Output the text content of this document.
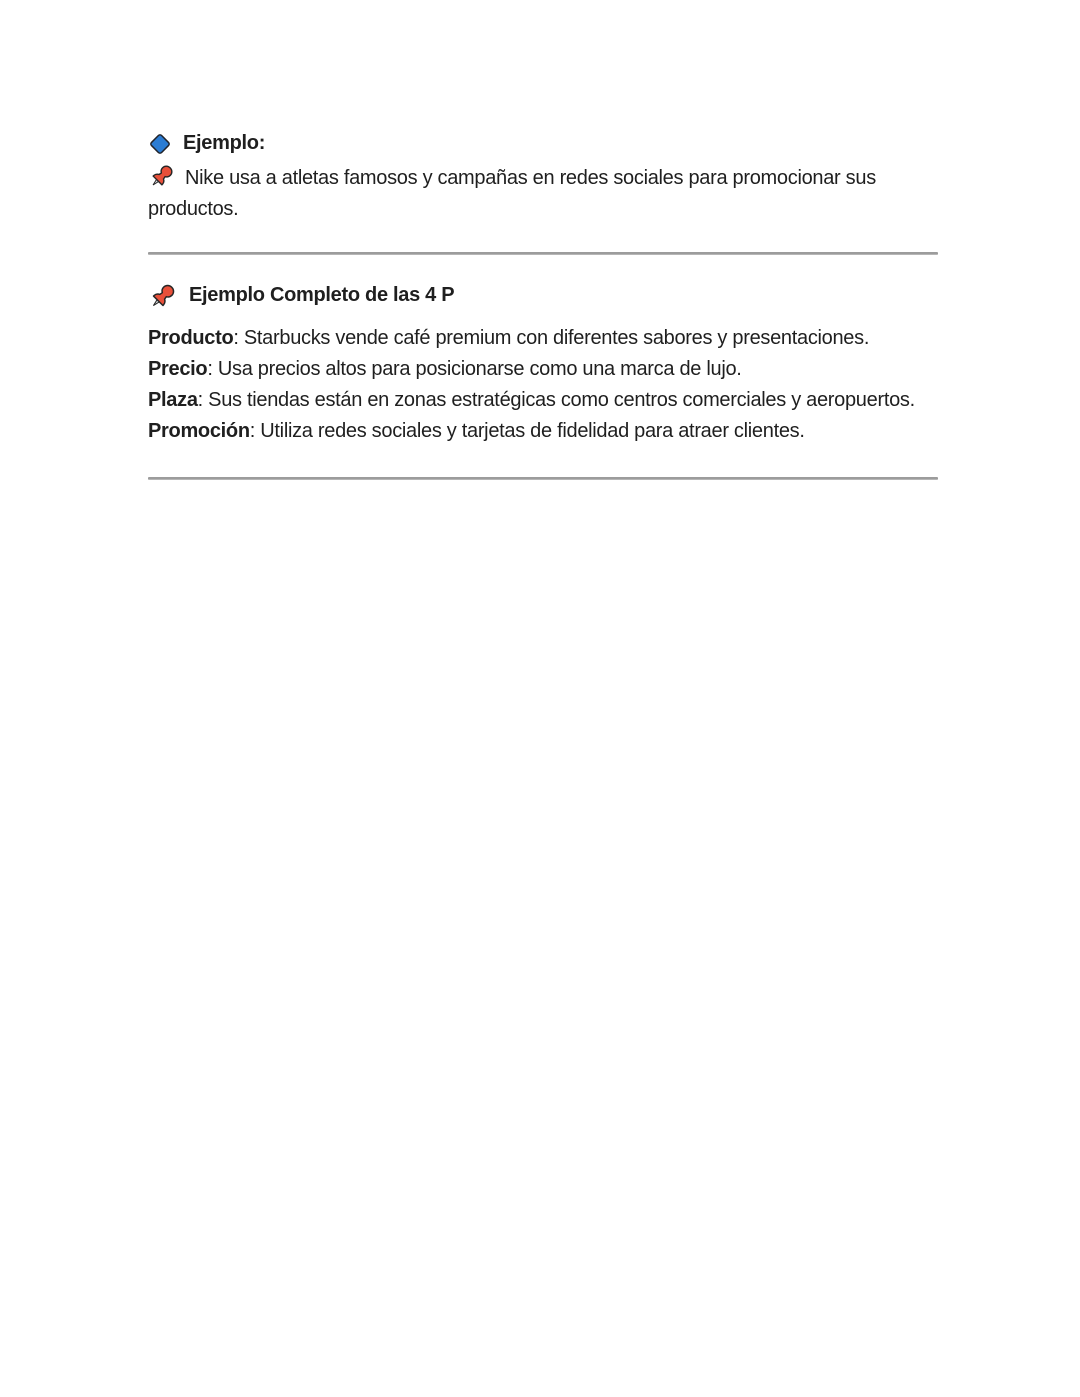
Ejemplo:

Nike usa a atletas famosos y campañas en redes sociales para promocionar sus productos.

Ejemplo Completo de las 4 P
Producto: Starbucks vende café premium con diferentes sabores y presentaciones.
Precio: Usa precios altos para posicionarse como una marca de lujo.
Plaza: Sus tiendas están en zonas estratégicas como centros comerciales y aeropuertos.
Promoción: Utiliza redes sociales y tarjetas de fidelidad para atraer clientes.
